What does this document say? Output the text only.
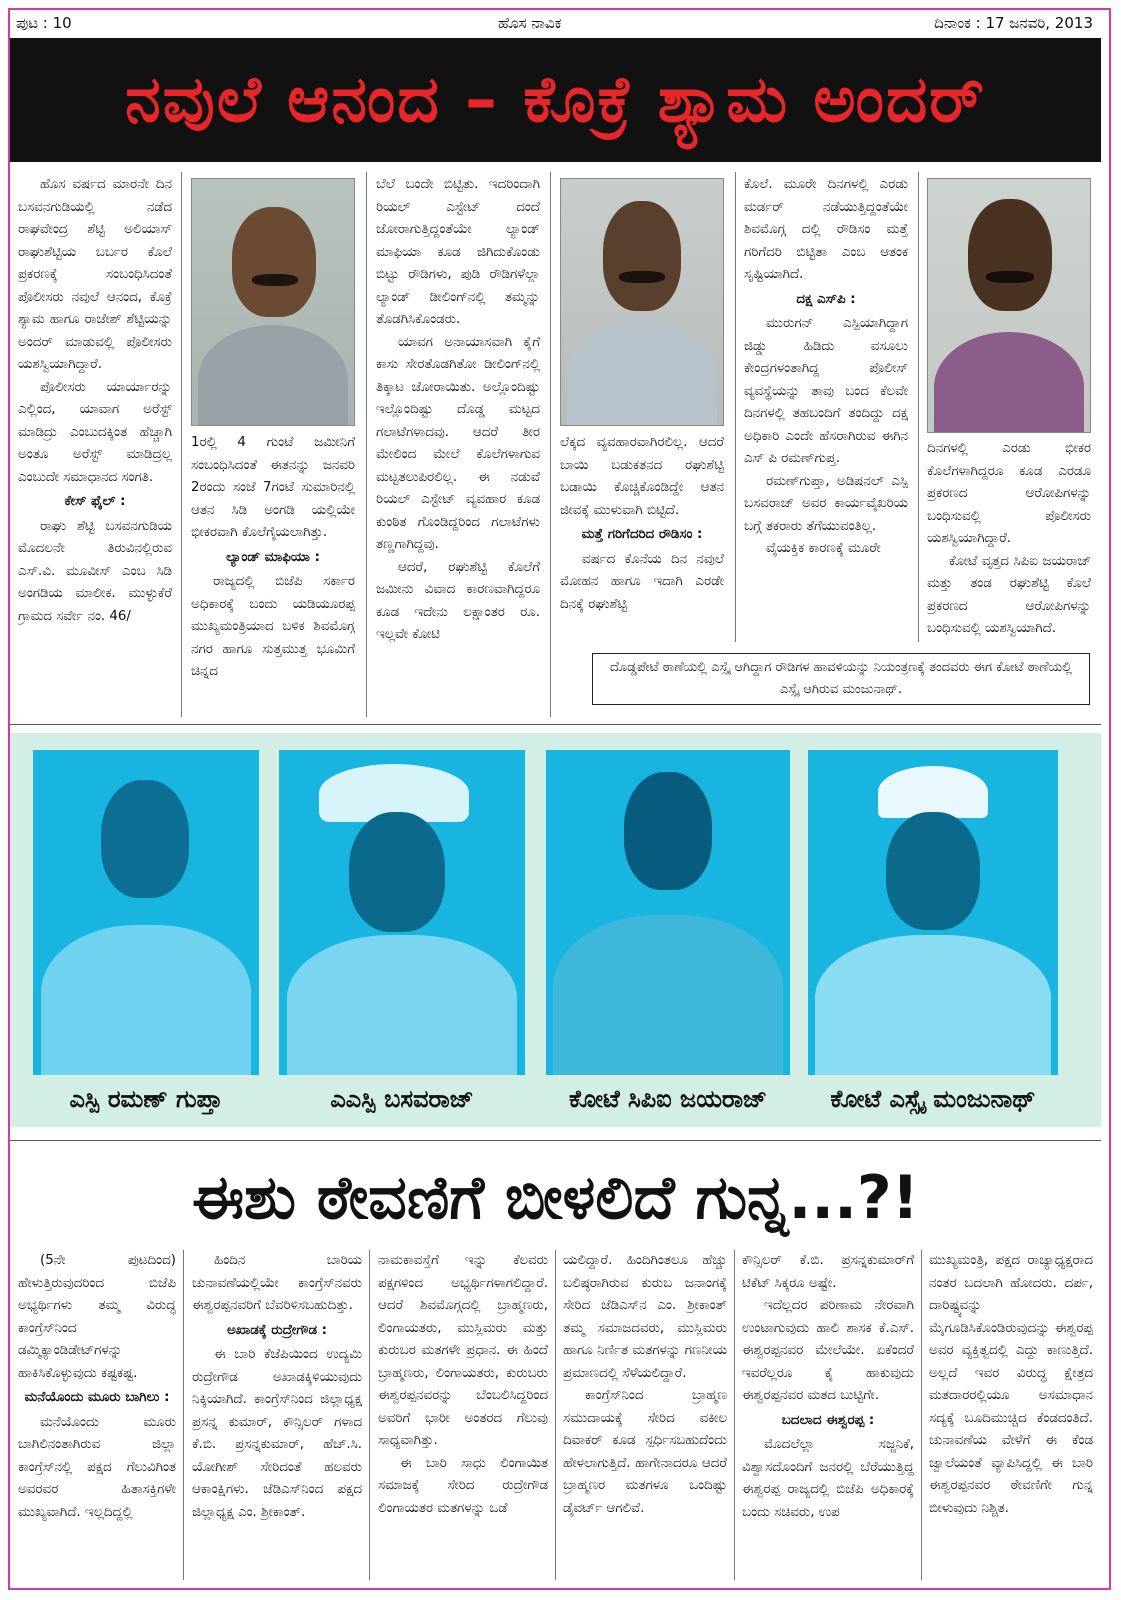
ಪುಟ : 10	ಹೊಸ ನಾವಿಕ	ದಿನಾಂಕ : 17 ಜನವರಿ, 2013
ನವುಲೆ ಆನಂದ – ಕೊಕ್ರೆ ಶ್ಯಾಮ ಅಂದರ್

ಹೊಸ ವರ್ಷದ ಮಾರನೇ ದಿನ ಬಸವನಗುಡಿಯಲ್ಲಿ ನಡೆದ ರಾಘವೇಂದ್ರ ಶೆಟ್ಟಿ ಅಲಿಯಾಸ್ ರಾಘುಶೆಟ್ಟಿಯ ಬರ್ಬರ ಕೊಲೆ ಪ್ರಕರಣಕ್ಕೆ ಸಂಬಂಧಿಸಿದಂತೆ ಪೊಲೀಸರು ನವುಲೆ ಆನಂದ, ಕೊಕ್ರೆ ಶ್ಯಾಮ ಹಾಗೂ ರಾಜೇಶ್ ಶೆಟ್ಟಿಯನ್ನು ಅಂದರ್ ಮಾಡುವಲ್ಲಿ ಪೊಲೀಸರು ಯಶಸ್ವಿಯಾಗಿದ್ದಾರೆ.

ಪೊಲೀಸರು ಯಾರ್ಯಾರನ್ನು ಎಲ್ಲಿಂದ, ಯಾವಾಗ ಅರೆಸ್ಟ್ ಮಾಡಿದ್ರು ಎಂಬುದಕ್ಕಿಂತ ಹೆಚ್ಚಾಗಿ ಅಂತೂ ಅರೆಸ್ಟ್ ಮಾಡಿದ್ರಲ್ಲ ಎಂಬುದೇ ಸಮಾಧಾನದ ಸಂಗತಿ.

ಕೇಸ್ ಫೈಲ್ :

ರಾಘು ಶೆಟ್ಟಿ ಬಸವನಗುಡಿಯ ಮೊದಲನೇ ತಿರುವಿನಲ್ಲಿರುವ ಎಸ್.ವಿ. ಮೂವೀಸ್ ಎಂಬ ಸಿಡಿ ಅಂಗಡಿಯ ಮಾಲೀಕ. ಮುಳ್ಳುಕೆರೆ ಗ್ರಾಮದ ಸರ್ವೇ ನಂ. 46/

1ರಲ್ಲಿ 4 ಗುಂಟೆ ಜಮೀನಿಗೆ ಸಂಬಂಧಿಸಿದಂತೆ ಈತನನ್ನು ಜನವರಿ 2ರಂದು ಸಂಜೆ 7ಗಂಟೆ ಸುಮಾರಿನಲ್ಲಿ ಆತನ ಸಿಡಿ ಅಂಗಡಿ ಯಲ್ಲಿಯೇ ಭೀಕರವಾಗಿ ಕೊಲೆಗೈಯಲಾಗಿತ್ತು.

ಲ್ಯಾಂಡ್ ಮಾಫಿಯಾ :

ರಾಜ್ಯದಲ್ಲಿ ಬಿಜೆಪಿ ಸರ್ಕಾರ ಅಧಿಕಾರಕ್ಕೆ ಬಂದು ಯಡಿಯೂರಪ್ಪ ಮುಖ್ಯಮಂತ್ರಿಯಾದ ಬಳಿಕ ಶಿವಮೊಗ್ಗ ನಗರ ಹಾಗೂ ಸುತ್ತಮುತ್ತ ಭೂಮಿಗೆ ಚಿನ್ನದ

ಬೆಲೆ ಬಂದೇ ಬಿಟ್ಟಿತು. ಇದರಿಂದಾಗಿ ರಿಯಲ್ ಎಸ್ಟೇಟ್ ದಂದೆ ಜೋರಾಗುತ್ತಿದ್ದಂತೆಯೇ ಲ್ಯಾಂಡ್ ಮಾಫಿಯಾ ಕೂಡ ಜಿಗಿದುಕೊಂಡು ಬಿಟ್ಟು ರೌಡಿಗಳು, ಪುಡಿ ರೌಡಿಗಳೆಲ್ಲಾ ಲ್ಯಾಂಡ್ ಡೀಲಿಂಗ್‌ನಲ್ಲಿ ತಮ್ಮನ್ನು ತೊಡಗಿಸಿಕೊಂಡರು.

ಯಾವಗ ಅನಾಯಾಸವಾಗಿ ಕೈಗೆ ಕಾಸು ಸೇರತೊಡಗಿತೋ ಡೀಲಿಂಗ್‌ನಲ್ಲಿ ತಿಕ್ಕಾಟ ಜೋರಾಯಿತು. ಅಲ್ಲೊಂದಿಷ್ಟು ಇಲ್ಲೊಂದಿಷ್ಟು ದೊಡ್ಡ ಮಟ್ಟದ ಗಲಾಟೆಗಳಾದವು. ಆದರೆ ತೀರ ಮೇಲಿಂದ ಮೇಲೆ ಕೊಲೆಗಳಾಗುವ ಮಟ್ಟತಲುಪಿರಲಿಲ್ಲ. ಈ ನಡುವೆ ರಿಯಲ್ ಎಸ್ಟೇಟ್ ವ್ಯವಹಾರ ಕೂಡ ಕುಂಠಿತ ಗೊಂಡಿದ್ದರಿಂದ ಗಲಾಟೆಗಳು ತಣ್ಣಗಾಗಿದ್ದವು.

ಆದರೆ, ರಘುಶೆಟ್ಟಿ ಕೊಲೆಗೆ ಜಮೀನು ವಿವಾದ ಕಾರಣವಾಗಿದ್ದರೂ ಕೂಡ ಇದೇನು ಲಕ್ಷಾಂತರ ರೂ. ಇಲ್ಲವೇ ಕೋಟಿ

ಲೆಕ್ಕದ ವ್ಯವಹಾರವಾಗಿರಲಿಲ್ಲ. ಆದರೆ ಬಾಯಿ ಬಡುಕತನದ ರಘುಶೆಟ್ಟಿ ಬಡಾಯಿ ಕೊಚ್ಚಿಕೊಂಡಿದ್ದೇ ಆತನ ಜೀವಕ್ಕೆ ಮುಳುವಾಗಿ ಬಿಟ್ಟಿದೆ.

ಮತ್ತೆ ಗರಿಗೆದರಿದ ರೌಡಿಸಂ :

ವರ್ಷದ ಕೊನೆಯ ದಿನ ನವುಲೆ ಮೋಹನ ಹಾಗೂ ಇದಾಗಿ ಎರಡೇ ದಿನಕ್ಕೆ ರಘುಶೆಟ್ಟಿ

ಕೊಲೆ. ಮೂರೇ ದಿನಗಳಲ್ಲಿ ಎರಡು ಮರ್ಡರ್ ನಡೆಯುತ್ತಿದ್ದಂತೆಯೇ ಶಿವಮೊಗ್ಗ ದಲ್ಲಿ ರೌಡಿಸಂ ಮತ್ತೆ ಗರಿಗೆದರಿ ಬಿಟ್ಟಿತಾ ಎಂಬ ಆತಂಕ ಸೃಷ್ಟಿಯಾಗಿದೆ.

ದಕ್ಷ ಎಸ್‌ಪಿ :

ಮುರುಗನ್ ಎಸ್ಪಿಯಾಗಿದ್ದಾಗ ಜಿಡ್ಡು ಹಿಡಿದು ವಸೂಲು ಕೇಂದ್ರಗಳಂತಾಗಿದ್ದ ಪೊಲೀಸ್ ವ್ಯವಸ್ಥೆಯನ್ನು ತಾವು ಬಂದ ಕೆಲವೇ ದಿನಗಳಲ್ಲಿ ತಹಬಂದಿಗೆ ತಂದಿದ್ದು ದಕ್ಷ ಅಧಿಕಾರಿ ಎಂದೇ ಹೆಸರಾಗಿರುವ ಈಗಿನ ಎಸ್ ಪಿ ರಮಣ್‌ಗುಪ್ತ.

ರಮಣ್‌ಗುಪ್ತಾ, ಅಡಿಷನಲ್ ಎಸ್ಪಿ ಬಸವರಾಜ್ ಅವರ ಕಾರ್ಯವೈಖರಿಯ ಬಗ್ಗೆ ತಕರಾರು ತೆಗೆಯುವಂತಿಲ್ಲ.

ವೈಯಕ್ತಿಕ ಕಾರಣಕ್ಕೆ ಮೂರೇ

ದಿನಗಳಲ್ಲಿ ಎರಡು ಭೀಕರ ಕೊಲೆಗಳಾಗಿದ್ದರೂ ಕೂಡ ಎರಡೂ ಪ್ರಕರಣದ ಆರೋಪಿಗಳನ್ನು ಬಂಧಿಸುವಲ್ಲಿ ಪೊಲೀಸರು ಯಶಸ್ವಿಯಾಗಿದ್ದಾರೆ.

ಕೋಟೆ ವೃತ್ತದ ಸಿಪಿಐ ಜಯರಾಜ್ ಮತ್ತು ತಂಡ ರಘುಶೆಟ್ಟಿ ಕೊಲೆ ಪ್ರಕರಣದ ಆರೋಪಿಗಳನ್ನು ಬಂಧಿಸುವಲ್ಲಿ ಯಶಸ್ವಿಯಾಗಿದೆ.

ದೊಡ್ಡಪೇಟೆ ಠಾಣೆಯಲ್ಲಿ ಎಸ್ಸೈ ಆಗಿದ್ದಾಗ ರೌಡಿಗಳ ಹಾವಳಿಯನ್ನು ನಿಯಂತ್ರಣಕ್ಕೆ ತಂದವರು ಈಗ ಕೋಟೆ ಠಾಣೆಯಲ್ಲಿ ಎಸ್ಸೈ ಆಗಿರುವ ಮಂಜುನಾಥ್.
ಎಸ್ಪಿ ರಮಣ್ ಗುಪ್ತಾ	ಎಎಸ್ಪಿ ಬಸವರಾಜ್	ಕೋಟೆ ಸಿಪಿಐ ಜಯರಾಜ್	ಕೋಟೆ ಎಸ್ಸೈ ಮಂಜುನಾಥ್
ಈಶು ಠೇವಣಿಗೆ ಬೀಳಲಿದೆ ಗುನ್ನ...?!

(5ನೇ ಪುಟದಿಂದ) ಹೇಳುತ್ತಿರುವುದರಿಂದ ಬಿಜೆಪಿ ಅಭ್ಯರ್ಥಿಗಳು ತಮ್ಮ ವಿರುದ್ಧ ಕಾಂಗ್ರೆಸ್‌ನಿಂದ ಡಮ್ಮಿಕ್ಯಾಂಡಿಡೇಟ್‌ಗಳನ್ನು ಹಾಕಿಸಿಕೊಳ್ಳುವುದು ಕಷ್ಟಕಷ್ಟ.

ಮನೆಯೊಂದು ಮೂರು ಬಾಗಿಲು :

ಮನೆಯೊಂದು ಮೂರು ಬಾಗಿಲಿನಂತಾಗಿರುವ ಜಿಲ್ಲಾ ಕಾಂಗ್ರೆಸ್‌ನಲ್ಲಿ ಪಕ್ಷದ ಗೆಲುವಿಗಿಂತ ಅವರವರ ಹಿತಾಸಕ್ತಿಗಳೇ ಮುಖ್ಯವಾಗಿದೆ. ಇಲ್ಲದಿದ್ದಲ್ಲಿ

ಹಿಂದಿನ ಬಾರಿಯ ಚುನಾವಣೆಯಲ್ಲಿಯೇ ಕಾಂಗ್ರೆಸ್‌ನವರು ಈಶ್ವರಪ್ಪನವರಿಗೆ ಬೆವರಿಳಿಸಬಹುದಿತ್ತು.

ಅಖಾಡಕ್ಕೆ ರುದ್ರೇಗೌಡ :

ಈ ಬಾರಿ ಕೆಜೆಪಿಯಿಂದ ಉದ್ಯಮಿ ರುದ್ರೇಗೌಡ ಅಖಾಡಕ್ಕಿಳಿಯುವುದು ನಿಕ್ಕಿಯಾಗಿದೆ. ಕಾಂಗ್ರೆಸ್‌ನಿಂದ ಜಿಲ್ಲಾಧ್ಯಕ್ಷ ಪ್ರಸನ್ನ ಕುಮಾರ್, ಕೌನ್ಸಿಲರ್ ಗಳಾದ ಕೆ.ಬಿ. ಪ್ರಸನ್ನಕುಮಾರ್, ಹೆಚ್.ಸಿ. ಯೋಗೀಶ್ ಸೇರಿದಂತೆ ಹಲವರು ಆಕಾಂಕ್ಷಿಗಳು. ಜೆಡಿಎಸ್‌ನಿಂದ ಪಕ್ಷದ ಜಿಲ್ಲಾಧ್ಯಕ್ಷ ಎಂ. ಶ್ರೀಕಾಂತ್.

ನಾಮಕಾವಸ್ತೆಗೆ ಇನ್ನು ಕೆಲವರು ಪಕ್ಷಗಳಿಂದ ಅಭ್ಯರ್ಥಿಗಳಾಗಲಿದ್ದಾರೆ. ಆದರೆ ಶಿವಮೊಗ್ಗದಲ್ಲಿ ಬ್ರಾಹ್ಮಣರು, ಲಿಂಗಾಯತರು, ಮುಸ್ಲಿಮರು ಮತ್ತು ಕುರುಬರ ಮತಗಳೇ ಪ್ರಧಾನ. ಈ ಹಿಂದೆ ಬ್ರಾಹ್ಮಣರು, ಲಿಂಗಾಯತರು, ಕುರುಬರು ಈಶ್ವರಪ್ಪನವರನ್ನು ಬೆಂಬಲಿಸಿದ್ದರಿಂದ ಅವರಿಗೆ ಭಾರೀ ಅಂತರದ ಗೆಲುವು ಸಾಧ್ಯವಾಗಿತ್ತು.

ಈ ಬಾರಿ ಸಾಧು ಲಿಂಗಾಯಿತ ಸಮಾಜಕ್ಕೆ ಸೇರಿದ ರುದ್ರೇಗೌಡ ಲಿಂಗಾಯತರ ಮತಗಳನ್ನು ಒಡೆ

ಯಲಿದ್ದಾರೆ. ಹಿಂದಿಗಿಂತಲೂ ಹೆಚ್ಚು ಬಲಿಷ್ಠರಾಗಿರುವ ಕುರುಬ ಜನಾಂಗಕ್ಕೆ ಸೇರಿದ ಜೆಡಿಎಸ್‌ನ ಎಂ. ಶ್ರೀಕಾಂತ್ ತಮ್ಮ ಸಮಾಜದವರು, ಮುಸ್ಲಿಮರು ಹಾಗೂ ನಿರ್ಣಿತ ಮತಗಳನ್ನು ಗಣನೀಯ ಪ್ರಮಾಣದಲ್ಲಿ ಸೆಳೆಯಲಿದ್ದಾರೆ.

ಕಾಂಗ್ರೆಸ್‌ನಿಂದ ಬ್ರಾಹ್ಮಣ ಸಮುದಾಯಕ್ಕೆ ಸೇರಿದ ವಕೀಲ ದಿವಾಕರ್ ಕೂಡ ಸ್ಪರ್ಧಿಸಬಹುದೆಂದು ಹೇಳಲಾಗುತ್ತಿದೆ. ಹಾಗೇನಾದರೂ ಆದರೆ ಬ್ರಾಹ್ಮಣರ ಮತಗಳೂ ಒಂದಿಷ್ಟು ಡೈವರ್ಟ್ ಆಗಲಿವೆ.

ಕೌನ್ಸಿಲರ್ ಕೆ.ಬಿ. ಪ್ರಸನ್ನಕುಮಾರ್‌ಗೆ ಟಿಕೆಟ್ ಸಿಕ್ಕರೂ ಅಷ್ಟೇ.

ಇದೆಲ್ಲದರ ಪರಿಣಾಮ ನೇರವಾಗಿ ಉಂಟಾಗುವುದು ಹಾಲಿ ಶಾಸಕ ಕೆ.ಎಸ್. ಈಶ್ವರಪ್ಪನವರ ಮೇಲೆಯೇ. ಏಕೆಂದರೆ ಇವರೆಲ್ಲರೂ ಕೈ ಹಾಕುವುದು ಈಶ್ವರಪ್ಪನವರ ಮತದ ಬುಟ್ಟಿಗೇ.

ಬದಲಾದ ಈಶ್ವರಪ್ಪ :

ಮೊದಲೆಲ್ಲಾ ಸಜ್ಜನಿಕೆ, ವಿಶ್ವಾಸದೊಂದಿಗೆ ಜನರಲ್ಲಿ ಬೆರೆಯುತ್ತಿದ್ದ ಈಶ್ವರಪ್ಪ ರಾಜ್ಯದಲ್ಲಿ ಬಿಜೆಪಿ ಅಧಿಕಾರಕ್ಕೆ ಬಂದು ಸಚಿವರು, ಉಪ

ಮುಖ್ಯಮಂತ್ರಿ, ಪಕ್ಷದ ರಾಜ್ಯಾಧ್ಯಕ್ಷರಾದ ನಂತರ ಬದಲಾಗಿ ಹೋದರು. ದರ್ಪ, ದಾರಿಷ್ಟ್ಯವನ್ನು ಮೈಗೂಡಿಸಿಕೊಂಡಿರುವುದನ್ನು ಈಶ್ವರಪ್ಪ ಅವರ ವ್ಯಕ್ತಿತ್ವದಲ್ಲಿ ಎದ್ದು ಕಾಣುತ್ತಿದೆ. ಅಲ್ಲದೆ ಇವರ ವಿರುದ್ಧ ಕ್ಷೇತ್ರದ ಮತದಾರರಲ್ಲಿಯೂ ಅಸಮಾಧಾನ ಸದ್ಯಕ್ಕೆ ಬೂದಿಮುಚ್ಚಿದ ಕೆಂಡದಂತಿದೆ. ಚುನಾವಣೆಯ ವೇಳೆಗೆ ಈ ಕೆಂಡ ಜ್ವಾಲೆಯಂತೆ ವ್ಯಾಪಿಸಿದ್ದಲ್ಲಿ ಈ ಬಾರಿ ಈಶ್ವರಪ್ಪನವರ ಠೇವಣಿಗೇ ಗುನ್ನ ಬೀಳುವುದು ನಿಶ್ಚಿತ.
